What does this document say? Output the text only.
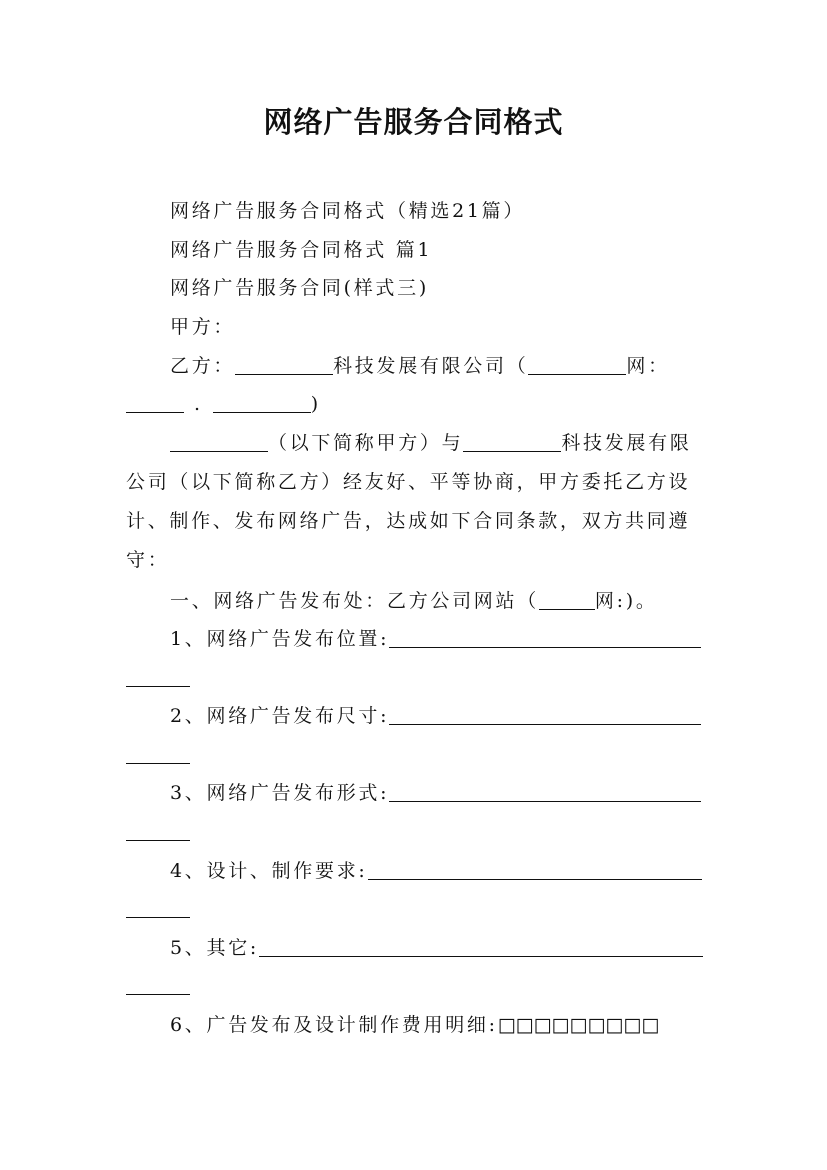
网络广告服务合同格式
网络广告服务合同格式（精选21篇）
网络广告服务合同格式 篇1
网络广告服务合同(样式三)
甲方：
乙方：	科技发展有限公司（	网：
.	)
（以下简称甲方）与	科技发展有限
公司（以下简称乙方）经友好、平等协商，甲方委托乙方设
计、制作、发布网络广告，达成如下合同条款，双方共同遵
守：
一、网络广告发布处：乙方公司网站（	网:)。
1、网络广告发布位置:
2、网络广告发布尺寸:
3、网络广告发布形式:
4、设计、制作要求:
5、其它:
6、广告发布及设计制作费用明细:□□□□□□□□□
